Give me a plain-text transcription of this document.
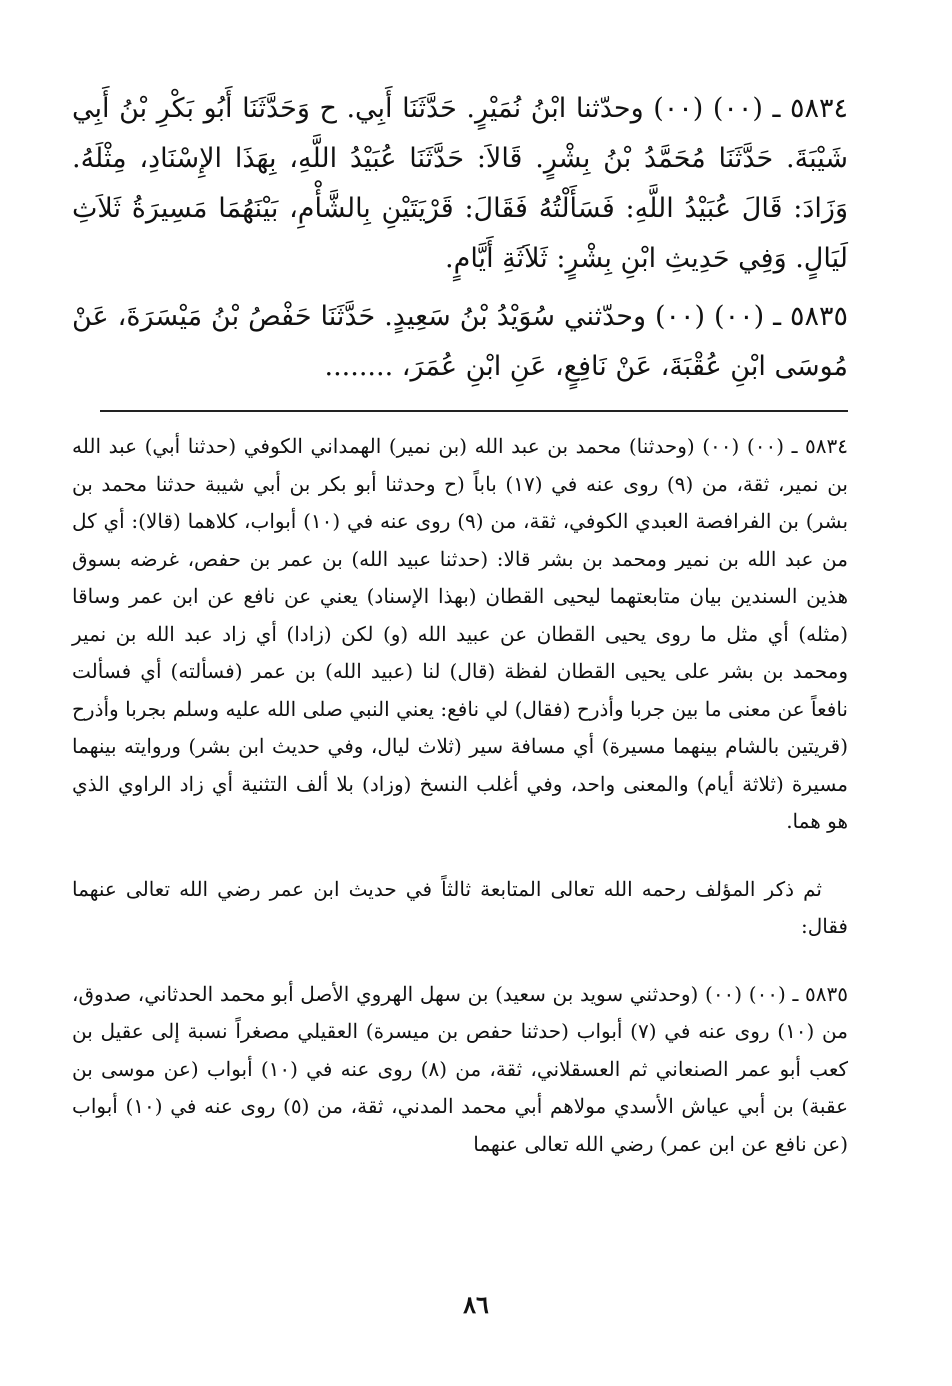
٥٨٣٤ ـ (٠٠) (٠٠) وحدّثنا ابْنُ نُمَيْرٍ. حَدَّثَنَا أَبِي. ح وَحَدَّثَنَا أَبُو بَكْرِ بْنُ أَبِي شَيْبَةَ. حَدَّثَنَا مُحَمَّدُ بْنُ بِشْرٍ. قَالاَ: حَدَّثَنَا عُبَيْدُ اللَّهِ، بِهَذَا الإِسْنَادِ، مِثْلَهُ. وَزَادَ: قَالَ عُبَيْدُ اللَّهِ: فَسَأَلْتُهُ فَقَالَ: قَرْيَتَيْنِ بِالشَّأْمِ، بَيْنَهُمَا مَسِيرَةُ ثَلاَثِ لَيَالٍ. وَفِي حَدِيثِ ابْنِ بِشْرٍ: ثَلاَثَةِ أَيَّامٍ.

٥٨٣٥ ـ (٠٠) (٠٠) وحدّثني سُوَيْدُ بْنُ سَعِيدٍ. حَدَّثَنَا حَفْصُ بْنُ مَيْسَرَةَ، عَنْ مُوسَى ابْنِ عُقْبَةَ، عَنْ نَافِعٍ، عَنِ ابْنِ عُمَرَ، ........

٥٨٣٤ ـ (٠٠) (٠٠) (وحدثنا) محمد بن عبد الله (بن نمير) الهمداني الكوفي (حدثنا أبي) عبد الله بن نمير، ثقة، من (٩) روى عنه في (١٧) باباً (ح وحدثنا أبو بكر بن أبي شيبة حدثنا محمد بن بشر) بن الفرافصة العبدي الكوفي، ثقة، من (٩) روى عنه في (١٠) أبواب، كلاهما (قالا): أي كل من عبد الله بن نمير ومحمد بن بشر قالا: (حدثنا عبيد الله) بن عمر بن حفص، غرضه بسوق هذين السندين بيان متابعتهما ليحيى القطان (بهذا الإسناد) يعني عن نافع عن ابن عمر وساقا (مثله) أي مثل ما روى يحيى القطان عن عبيد الله (و) لكن (زادا) أي زاد عبد الله بن نمير ومحمد بن بشر على يحيى القطان لفظة (قال) لنا (عبيد الله) بن عمر (فسألته) أي فسألت نافعاً عن معنى ما بين جربا وأذرح (فقال) لي نافع: يعني النبي صلى الله عليه وسلم بجربا وأذرح (قريتين بالشام بينهما مسيرة) أي مسافة سير (ثلاث ليال، وفي حديث ابن بشر) وروايته بينهما مسيرة (ثلاثة أيام) والمعنى واحد، وفي أغلب النسخ (وزاد) بلا ألف التثنية أي زاد الراوي الذي هو هما.

ثم ذكر المؤلف رحمه الله تعالى المتابعة ثالثاً في حديث ابن عمر رضي الله تعالى عنهما فقال:

٥٨٣٥ ـ (٠٠) (٠٠) (وحدثني سويد بن سعيد) بن سهل الهروي الأصل أبو محمد الحدثاني، صدوق، من (١٠) روى عنه في (٧) أبواب (حدثنا حفص بن ميسرة) العقيلي مصغراً نسبة إلى عقيل بن كعب أبو عمر الصنعاني ثم العسقلاني، ثقة، من (٨) روى عنه في (١٠) أبواب (عن موسى بن عقبة) بن أبي عياش الأسدي مولاهم أبي محمد المدني، ثقة، من (٥) روى عنه في (١٠) أبواب (عن نافع عن ابن عمر) رضي الله تعالى عنهما

٨٦
